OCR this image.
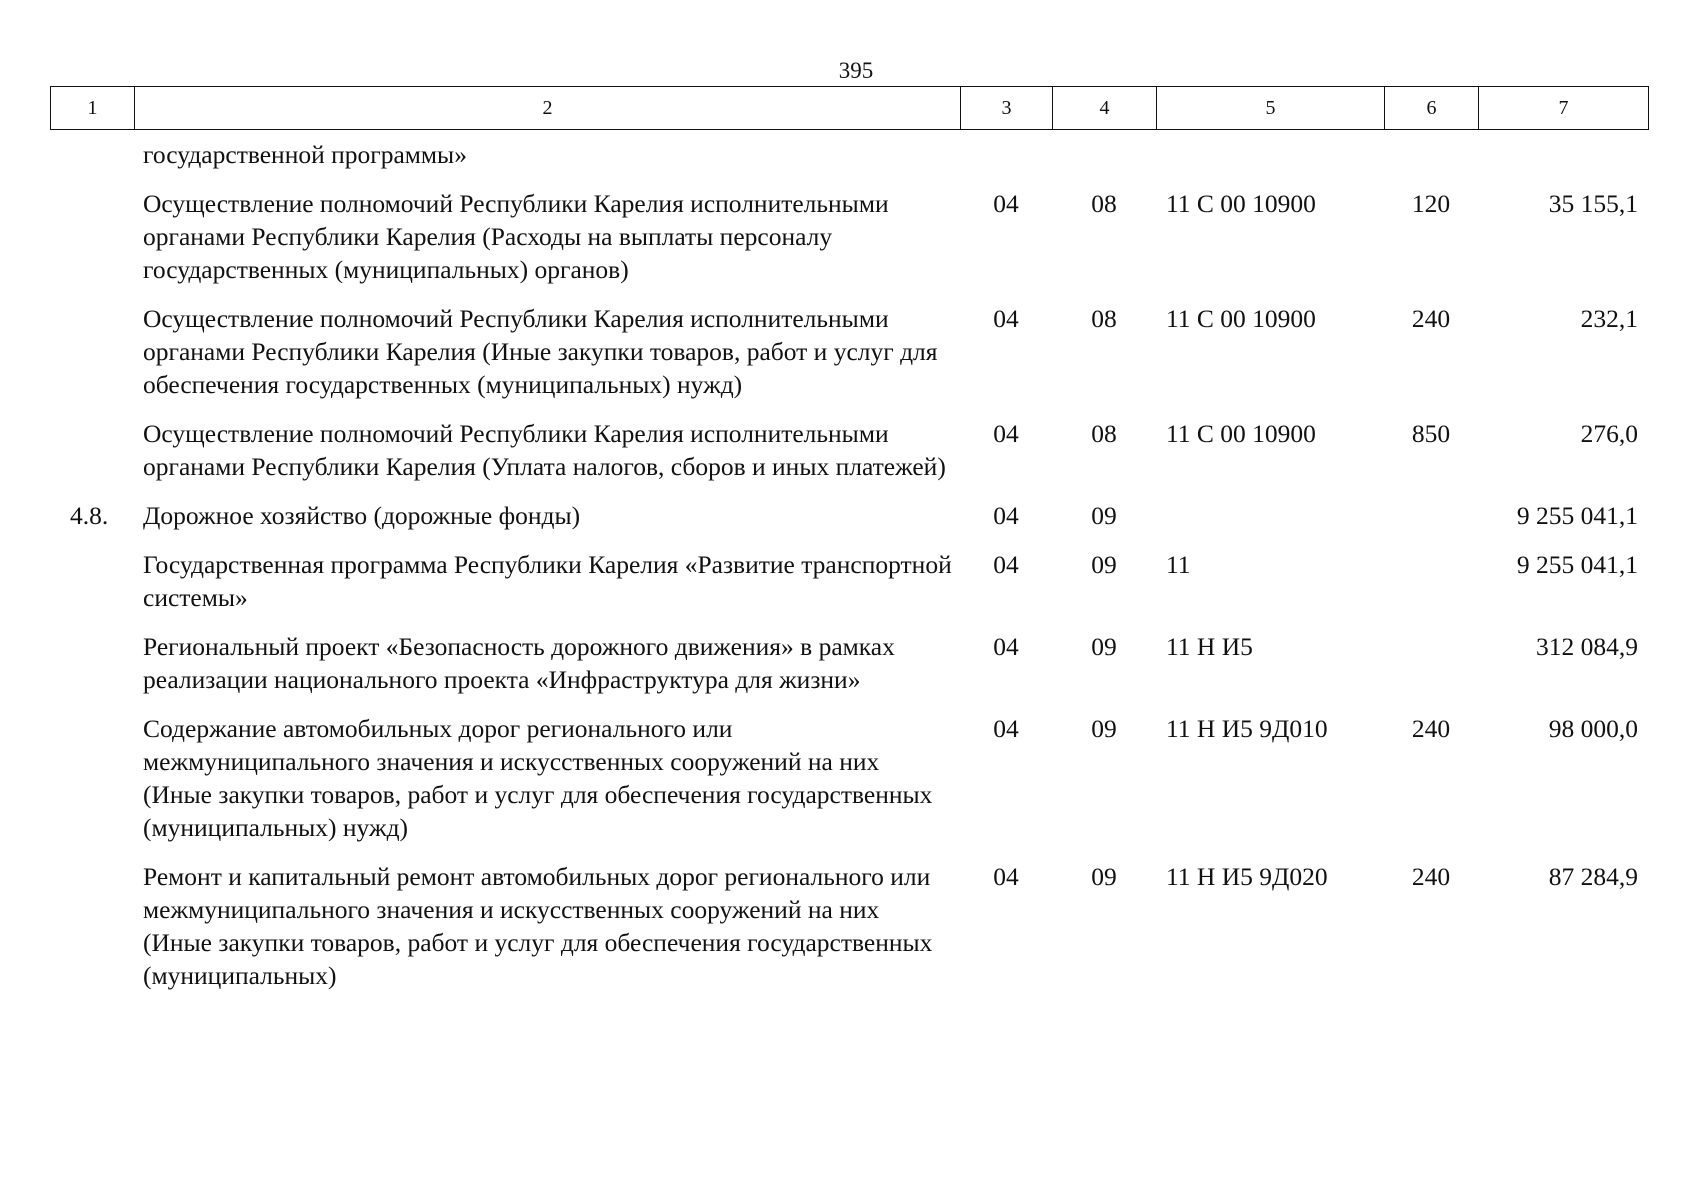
395
1	2	3	4	5	6	7
	государственной программы»					
	Осуществление полномочий Республики Карелия исполнительными органами Республики Карелия (Расходы на выплаты персоналу государственных (муниципальных) органов)	04	08	11 С 00 10900	120	35 155,1
	Осуществление полномочий Республики Карелия исполнительными органами Республики Карелия (Иные закупки товаров, работ и услуг для обеспечения государственных (муниципальных) нужд)	04	08	11 С 00 10900	240	232,1
	Осуществление полномочий Республики Карелия исполнительными органами Республики Карелия (Уплата налогов, сборов и иных платежей)	04	08	11 С 00 10900	850	276,0
4.8.	Дорожное хозяйство (дорожные фонды)	04	09			9 255 041,1
	Государственная программа Республики Карелия «Развитие транспортной системы»	04	09	11		9 255 041,1
	Региональный проект «Безопасность дорожного движения» в рамках реализации национального проекта «Инфраструктура для жизни»	04	09	11 Н И5		312 084,9
	Содержание автомобильных дорог регионального или межмуниципального значения и искусственных сооружений на них (Иные закупки товаров, работ и услуг для обеспечения государственных (муниципальных) нужд)	04	09	11 Н И5 9Д010	240	98 000,0
	Ремонт и капитальный ремонт автомобильных дорог регионального или межмуниципального значения и искусственных сооружений на них (Иные закупки товаров, работ и услуг для обеспечения государственных (муниципальных)	04	09	11 Н И5 9Д020	240	87 284,9
